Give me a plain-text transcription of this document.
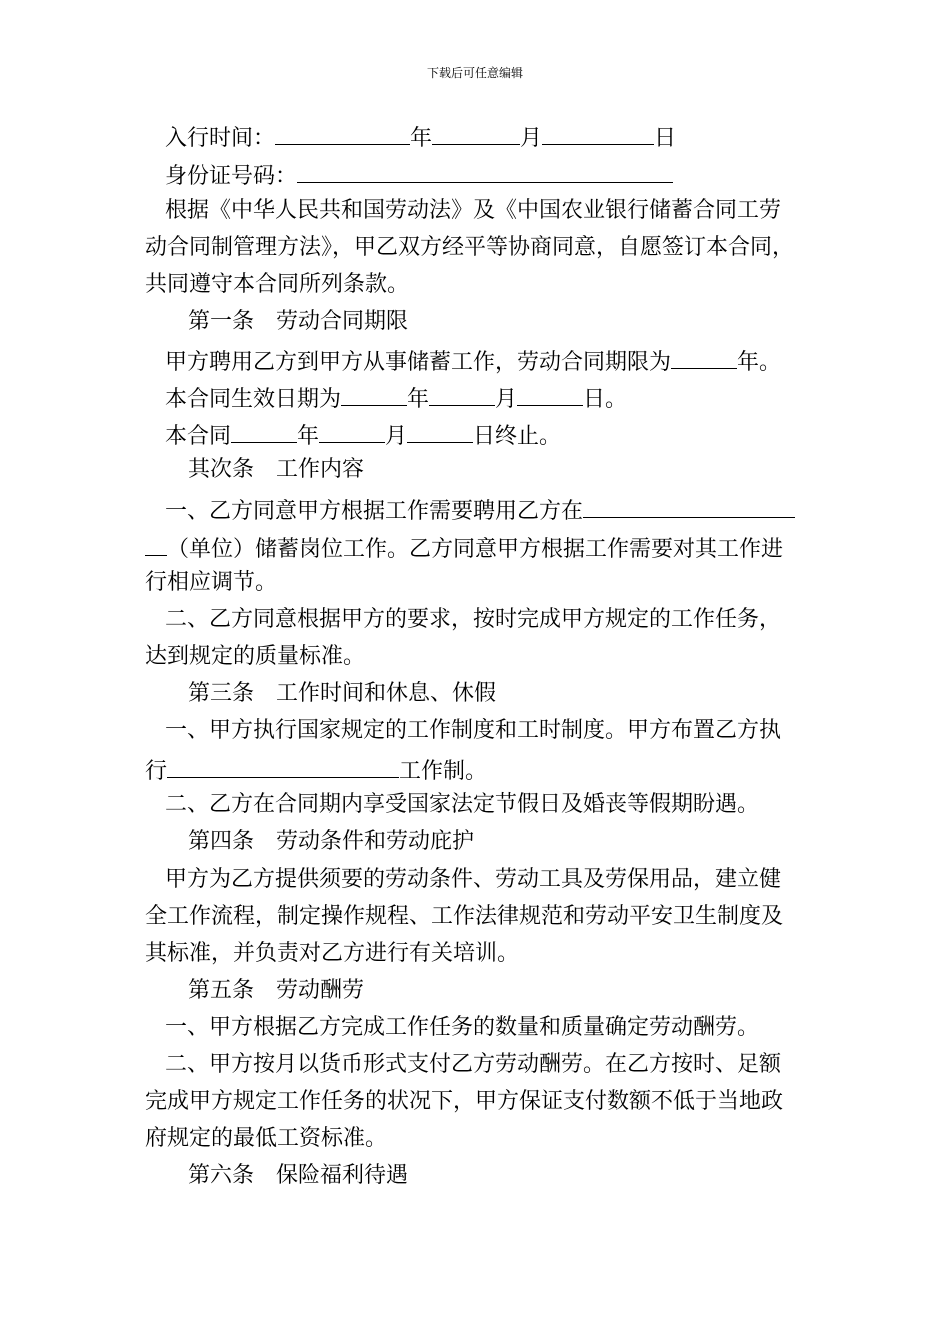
下载后可任意编辑
入行时间：	年	月	日
身份证号码：
根据《中华人民共和国劳动法》及《中国农业银行储蓄合同工劳
动合同制管理方法》，甲乙双方经平等协商同意，自愿签订本合同，
共同遵守本合同所列条款。
第一条 劳动合同期限
甲方聘用乙方到甲方从事储蓄工作，劳动合同期限为	年。
本合同生效日期为	年	月	日。
本合同	年	月	日终止。
其次条 工作内容
一、乙方同意甲方根据工作需要聘用乙方在
（单位）储蓄岗位工作。乙方同意甲方根据工作需要对其工作进
行相应调节。
二、乙方同意根据甲方的要求，按时完成甲方规定的工作任务，
达到规定的质量标准。
第三条 工作时间和休息、休假
一、甲方执行国家规定的工作制度和工时制度。甲方布置乙方执
行	工作制。
二、乙方在合同期内享受国家法定节假日及婚丧等假期盼遇。
第四条 劳动条件和劳动庇护
甲方为乙方提供须要的劳动条件、劳动工具及劳保用品，建立健
全工作流程，制定操作规程、工作法律规范和劳动平安卫生制度及
其标准，并负责对乙方进行有关培训。
第五条 劳动酬劳
一、甲方根据乙方完成工作任务的数量和质量确定劳动酬劳。
二、甲方按月以货币形式支付乙方劳动酬劳。在乙方按时、足额
完成甲方规定工作任务的状况下，甲方保证支付数额不低于当地政
府规定的最低工资标准。
第六条 保险福利待遇
